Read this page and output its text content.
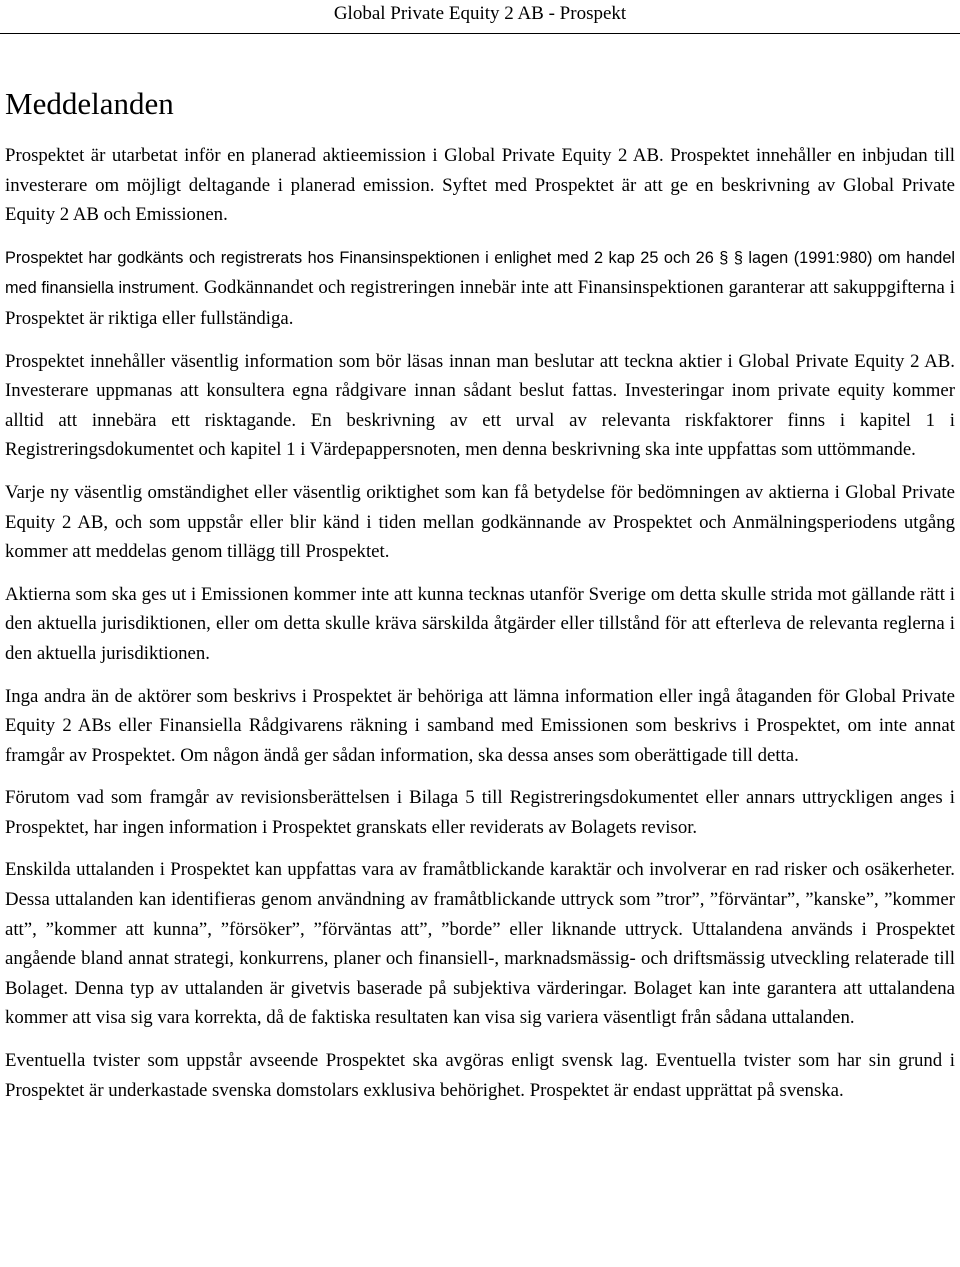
Global Private Equity 2 AB - Prospekt
Meddelanden

Prospektet är utarbetat inför en planerad aktieemission i Global Private Equity 2 AB. Prospektet innehåller en inbjudan till investerare om möjligt deltagande i planerad emission. Syftet med Prospektet är att ge en beskrivning av Global Private Equity 2 AB och Emissionen.

Prospektet har godkänts och registrerats hos Finansinspektionen i enlighet med 2 kap 25 och 26 § § lagen (1991:980) om handel med finansiella instrument. Godkännandet och registreringen innebär inte att Finansinspektionen garanterar att sakuppgifterna i Prospektet är riktiga eller fullständiga.

Prospektet innehåller väsentlig information som bör läsas innan man beslutar att teckna aktier i Global Private Equity 2 AB. Investerare uppmanas att konsultera egna rådgivare innan sådant beslut fattas. Investeringar inom private equity kommer alltid att innebära ett risktagande. En beskrivning av ett urval av relevanta riskfaktorer finns i kapitel 1 i Registreringsdokumentet och kapitel 1 i Värdepappersnoten, men denna beskrivning ska inte uppfattas som uttömmande.

Varje ny väsentlig omständighet eller väsentlig oriktighet som kan få betydelse för bedömningen av aktierna i Global Private Equity 2 AB, och som uppstår eller blir känd i tiden mellan godkännande av Prospektet och Anmälningsperiodens utgång kommer att meddelas genom tillägg till Prospektet.

Aktierna som ska ges ut i Emissionen kommer inte att kunna tecknas utanför Sverige om detta skulle strida mot gällande rätt i den aktuella jurisdiktionen, eller om detta skulle kräva särskilda åtgärder eller tillstånd för att efterleva de relevanta reglerna i den aktuella jurisdiktionen.

Inga andra än de aktörer som beskrivs i Prospektet är behöriga att lämna information eller ingå åtaganden för Global Private Equity 2 ABs eller Finansiella Rådgivarens räkning i samband med Emissionen som beskrivs i Prospektet, om inte annat framgår av Prospektet. Om någon ändå ger sådan information, ska dessa anses som oberättigade till detta.

Förutom vad som framgår av revisionsberättelsen i Bilaga 5 till Registreringsdokumentet eller annars uttryckligen anges i Prospektet, har ingen information i Prospektet granskats eller reviderats av Bolagets revisor.

Enskilda uttalanden i Prospektet kan uppfattas vara av framåtblickande karaktär och involverar en rad risker och osäkerheter. Dessa uttalanden kan identifieras genom användning av framåtblickande uttryck som ”tror”, ”förväntar”, ”kanske”, ”kommer att”, ”kommer att kunna”, ”försöker”, ”förväntas att”, ”borde” eller liknande uttryck. Uttalandena används i Prospektet angående bland annat strategi, konkurrens, planer och finansiell-, marknadsmässig- och driftsmässig utveckling relaterade till Bolaget. Denna typ av uttalanden är givetvis baserade på subjektiva värderingar. Bolaget kan inte garantera att uttalandena kommer att visa sig vara korrekta, då de faktiska resultaten kan visa sig variera väsentligt från sådana uttalanden.

Eventuella tvister som uppstår avseende Prospektet ska avgöras enligt svensk lag. Eventuella tvister som har sin grund i Prospektet är underkastade svenska domstolars exklusiva behörighet. Prospektet är endast upprättat på svenska.
